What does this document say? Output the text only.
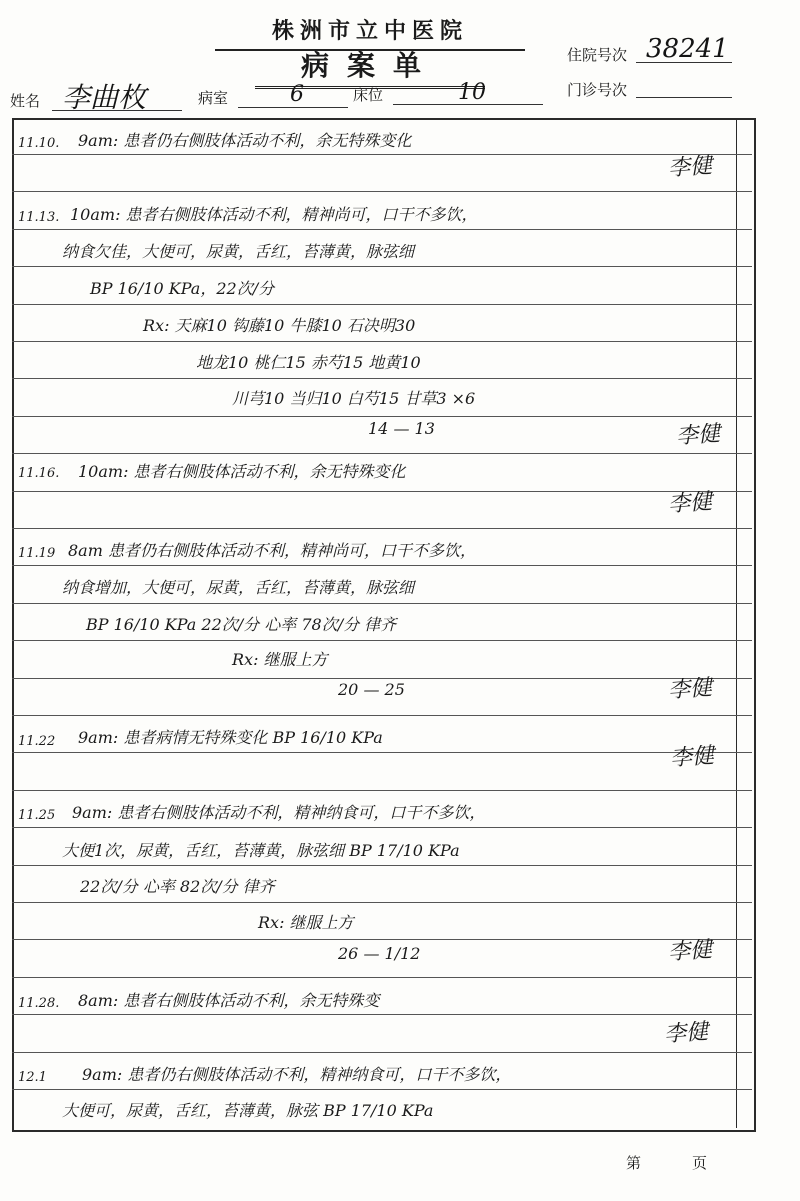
株洲市立中医院
病案单	住院号次 38241
门诊号次
姓名 李曲枚	病室	6	床位	10
11.10. 9am: 患者仍右侧肢体活动不利，余无特殊变化
李健
11.13. 10am: 患者右侧肢体活动不利，精神尚可，口干不多饮，
纳食欠佳，大便可，尿黄，舌红，苔薄黄，脉弦细
BP 16/10 KPa，22次/分
Rx: 天麻10 钩藤10 牛膝10 石决明30
地龙10 桃仁15 赤芍15 地黄10
川芎10 当归10 白芍15 甘草3 ×6
14 — 13	李健
11.16. 10am: 患者右侧肢体活动不利，余无特殊变化
李健
11.19 8am 患者仍右侧肢体活动不利，精神尚可，口干不多饮，
纳食增加，大便可，尿黄，舌红，苔薄黄，脉弦细
BP 16/10 KPa 22次/分 心率 78次/分 律齐
Rx: 继服上方
20 — 25	李健
11.22 9am: 患者病情无特殊变化 BP 16/10 KPa
李健
11.25 9am: 患者右侧肢体活动不利，精神纳食可，口干不多饮，
大便1次，尿黄，舌红，苔薄黄，脉弦细 BP 17/10 KPa
22次/分 心率 82次/分 律齐
Rx: 继服上方
26 — 1/12	李健
11.28. 8am: 患者右侧肢体活动不利，余无特殊变
李健
12.1 9am: 患者仍右侧肢体活动不利，精神纳食可，口干不多饮，
大便可，尿黄，舌红，苔薄黄，脉弦 BP 17/10 KPa
第	页
